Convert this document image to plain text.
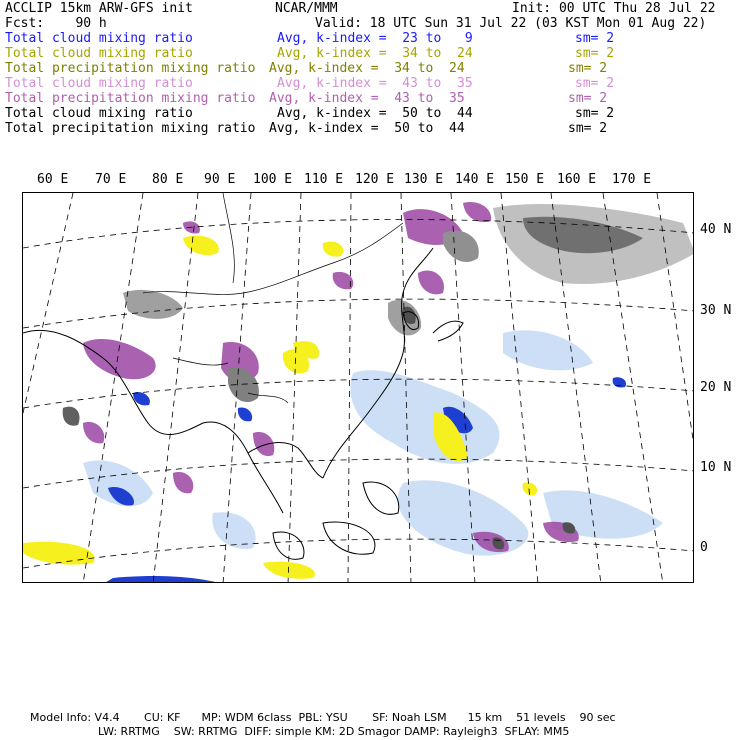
ACCLIP 15km ARW-GFS init
Fcst:    90 h
NCAR/MMM	Init: 00 UTC Thu 28 Jul 22
Valid: 18 UTC Sun 31 Jul 22 (03 KST Mon 01 Aug 22)
Total cloud mixing ratio	Avg, k-index =  23 to   9	sm= 2
Total cloud mixing ratio	Avg, k-index =  34 to  24	sm= 2
Total precipitation mixing ratio Avg, k-index =  34 to  24	sm= 2
Total cloud mixing ratio	Avg, k-index =  43 to  35	sm= 2
Total precipitation mixing ratio Avg, k-index =  43 to  35	sm= 2
Total cloud mixing ratio	Avg, k-index =  50 to  44	sm= 2
Total precipitation mixing ratio Avg, k-index =  50 to  44	sm= 2
60 E 70 E 80 E 90 E 100 E 110 E 120 E 130 E 140 E 150 E 160 E 170 E
40 N
30 N
20 N
10 N
0
Model Info: V4.4       CU: KF      MP: WDM 6class  PBL: YSU       SF: Noah LSM      15 km    51 levels    90 sec
LW: RRTMG    SW: RRTMG  DIFF: simple KM: 2D Smagor DAMP: Rayleigh3  SFLAY: MM5
